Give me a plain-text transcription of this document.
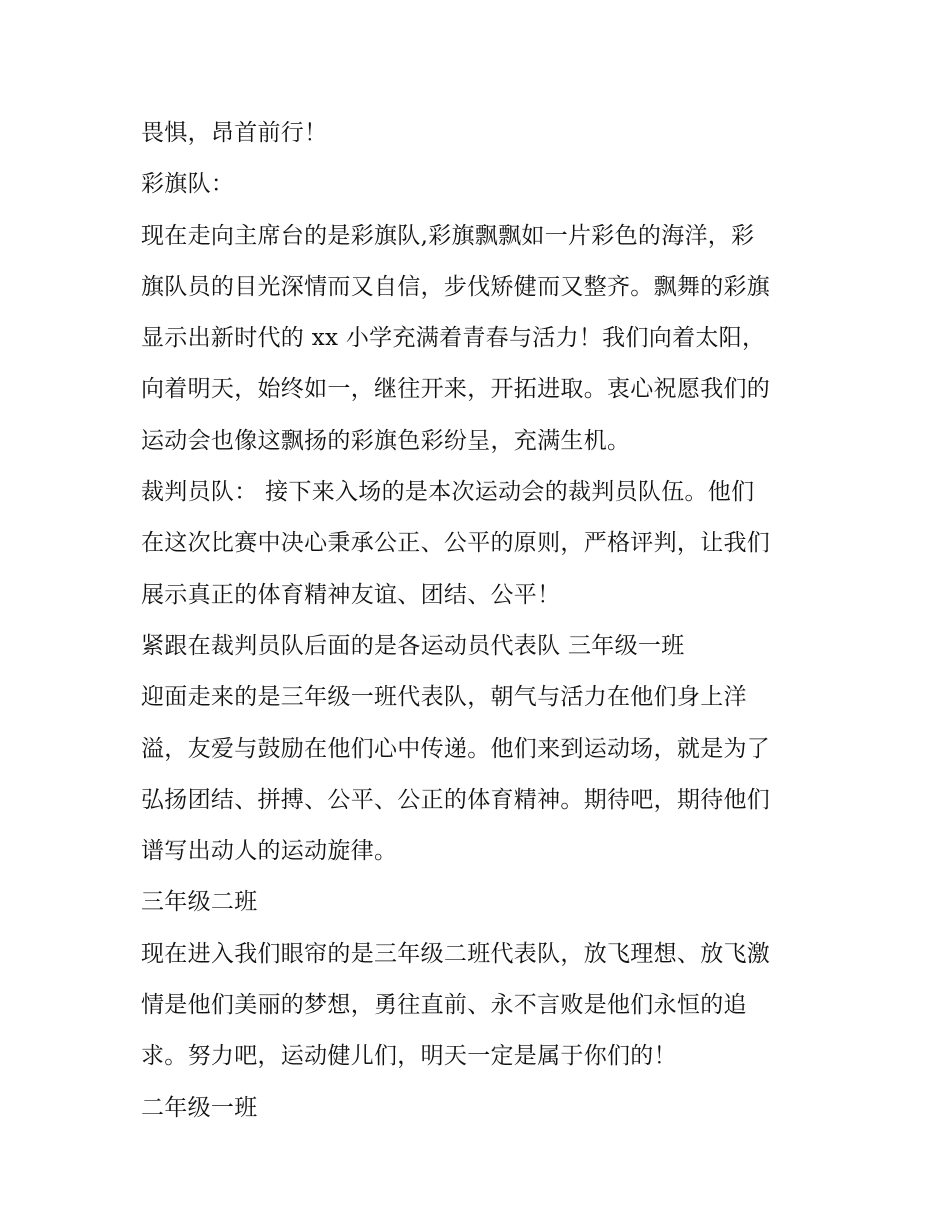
畏惧，昂首前行！
彩旗队：
现在走向主席台的是彩旗队,彩旗飘飘如一片彩色的海洋，彩
旗队员的目光深情而又自信，步伐矫健而又整齐。飘舞的彩旗
显示出新时代的 xx 小学充满着青春与活力！我们向着太阳，
向着明天，始终如一，继往开来，开拓进取。衷心祝愿我们的
运动会也像这飘扬的彩旗色彩纷呈，充满生机。
裁判员队： 接下来入场的是本次运动会的裁判员队伍。他们
在这次比赛中决心秉承公正、公平的原则，严格评判，让我们
展示真正的体育精神友谊、团结、公平！
紧跟在裁判员队后面的是各运动员代表队 三年级一班
迎面走来的是三年级一班代表队，朝气与活力在他们身上洋
溢，友爱与鼓励在他们心中传递。他们来到运动场，就是为了
弘扬团结、拼搏、公平、公正的体育精神。期待吧，期待他们
谱写出动人的运动旋律。
三年级二班
现在进入我们眼帘的是三年级二班代表队，放飞理想、放飞激
情是他们美丽的梦想，勇往直前、永不言败是他们永恒的追
求。努力吧，运动健儿们，明天一定是属于你们的！
二年级一班
